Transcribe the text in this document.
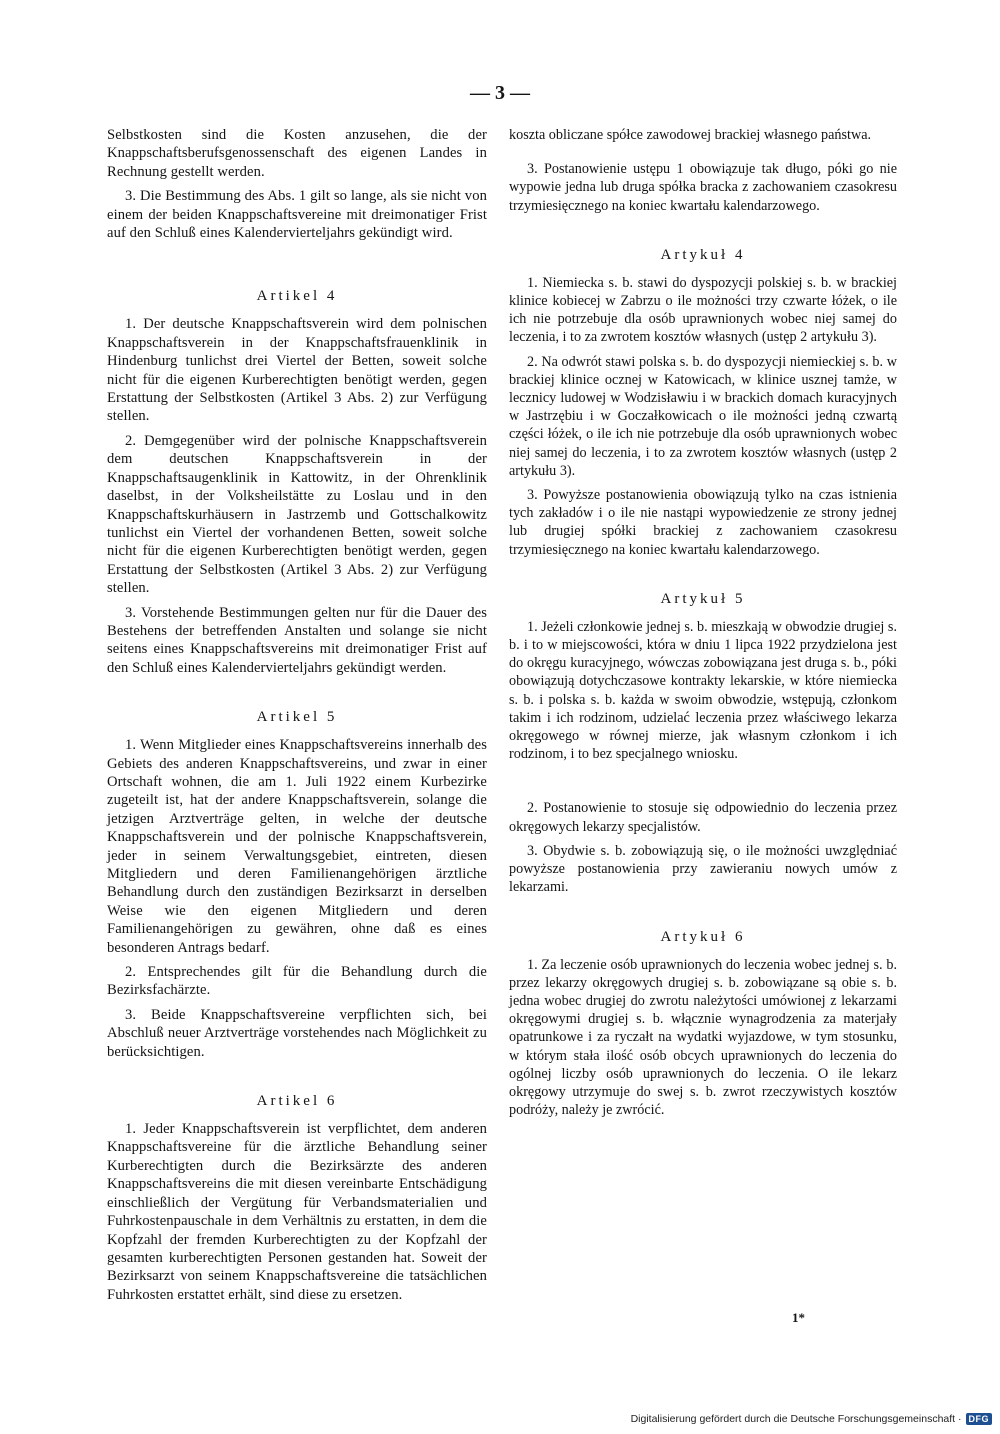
— 3 —

Selbstkosten sind die Kosten anzusehen, die der Knappschaftsberufsgenossenschaft des eigenen Landes in Rechnung gestellt werden.

3. Die Bestimmung des Abs. 1 gilt so lange, als sie nicht von einem der beiden Knappschaftsvereine mit dreimonatiger Frist auf den Schluß eines Kalendervierteljahrs gekündigt wird.

Artikel 4

1. Der deutsche Knappschaftsverein wird dem polnischen Knappschaftsverein in der Knappschaftsfrauenklinik in Hindenburg tunlichst drei Viertel der Betten, soweit solche nicht für die eigenen Kurberechtigten benötigt werden, gegen Erstattung der Selbstkosten (Artikel 3 Abs. 2) zur Verfügung stellen.

2. Demgegenüber wird der polnische Knappschaftsverein dem deutschen Knappschaftsverein in der Knappschaftsaugenklinik in Kattowitz, in der Ohrenklinik daselbst, in der Volksheilstätte zu Loslau und in den Knappschaftskurhäusern in Jastrzemb und Gottschalkowitz tunlichst ein Viertel der vorhandenen Betten, soweit solche nicht für die eigenen Kurberechtigten benötigt werden, gegen Erstattung der Selbstkosten (Artikel 3 Abs. 2) zur Verfügung stellen.

3. Vorstehende Bestimmungen gelten nur für die Dauer des Bestehens der betreffenden Anstalten und solange sie nicht seitens eines Knappschaftsvereins mit dreimonatiger Frist auf den Schluß eines Kalendervierteljahrs gekündigt werden.

Artikel 5

1. Wenn Mitglieder eines Knappschaftsvereins innerhalb des Gebiets des anderen Knappschaftsvereins, und zwar in einer Ortschaft wohnen, die am 1. Juli 1922 einem Kurbezirke zugeteilt ist, hat der andere Knappschaftsverein, solange die jetzigen Arztverträge gelten, in welche der deutsche Knappschaftsverein und der polnische Knappschaftsverein, jeder in seinem Verwaltungsgebiet, eintreten, diesen Mitgliedern und deren Familienangehörigen ärztliche Behandlung durch den zuständigen Bezirksarzt in derselben Weise wie den eigenen Mitgliedern und deren Familienangehörigen zu gewähren, ohne daß es eines besonderen Antrags bedarf.

2. Entsprechendes gilt für die Behandlung durch die Bezirksfachärzte.

3. Beide Knappschaftsvereine verpflichten sich, bei Abschluß neuer Arztverträge vorstehendes nach Möglichkeit zu berücksichtigen.

Artikel 6

1. Jeder Knappschaftsverein ist verpflichtet, dem anderen Knappschaftsvereine für die ärztliche Behandlung seiner Kurberechtigten durch die Bezirksärzte des anderen Knappschaftsvereins die mit diesen vereinbarte Entschädigung einschließlich der Vergütung für Verbandsmaterialien und Fuhrkostenpauschale in dem Verhältnis zu erstatten, in dem die Kopfzahl der fremden Kurberechtigten zu der Kopfzahl der gesamten kurberechtigten Personen gestanden hat. Soweit der Bezirksarzt von seinem Knappschaftsvereine die tatsächlichen Fuhrkosten erstattet erhält, sind diese zu ersetzen.

koszta obliczane spółce zawodowej brackiej własnego państwa.

3. Postanowienie ustępu 1 obowiązuje tak długo, póki go nie wypowie jedna lub druga spółka bracka z zachowaniem czasokresu trzymiesięcznego na koniec kwartału kalendarzowego.

Artykuł 4

1. Niemiecka s. b. stawi do dyspozycji polskiej s. b. w brackiej klinice kobiecej w Zabrzu o ile możności trzy czwarte łóżek, o ile ich nie potrzebuje dla osób uprawnionych wobec niej samej do leczenia, i to za zwrotem kosztów własnych (ustęp 2 artykułu 3).

2. Na odwrót stawi polska s. b. do dyspozycji niemieckiej s. b. w brackiej klinice ocznej w Katowicach, w klinice usznej tamże, w lecznicy ludowej w Wodzisławiu i w brackich domach kuracyjnych w Jastrzębiu i w Goczałkowicach o ile możności jedną czwartą części łóżek, o ile ich nie potrzebuje dla osób uprawnionych wobec niej samej do leczenia, i to za zwrotem kosztów własnych (ustęp 2 artykułu 3).

3. Powyższe postanowienia obowiązują tylko na czas istnienia tych zakładów i o ile nie nastąpi wypowiedzenie ze strony jednej lub drugiej spółki brackiej z zachowaniem czasokresu trzymiesięcznego na koniec kwartału kalendarzowego.

Artykuł 5

1. Jeżeli członkowie jednej s. b. mieszkają w obwodzie drugiej s. b. i to w miejscowości, która w dniu 1 lipca 1922 przydzielona jest do okręgu kuracyjnego, wówczas zobowiązana jest druga s. b., póki obowiązują dotychczasowe kontrakty lekarskie, w które niemiecka s. b. i polska s. b. każda w swoim obwodzie, wstępują, członkom takim i ich rodzinom, udzielać leczenia przez właściwego lekarza okręgowego w równej mierze, jak własnym członkom i ich rodzinom, i to bez specjalnego wniosku.

2. Postanowienie to stosuje się odpowiednio do leczenia przez okręgowych lekarzy specjalistów.

3. Obydwie s. b. zobowiązują się, o ile możności uwzględniać powyższe postanowienia przy zawieraniu nowych umów z lekarzami.

Artykuł 6

1. Za leczenie osób uprawnionych do leczenia wobec jednej s. b. przez lekarzy okręgowych drugiej s. b. zobowiązane są obie s. b. jedna wobec drugiej do zwrotu należytości umówionej z lekarzami okręgowymi drugiej s. b. włącznie wynagrodzenia za materjały opatrunkowe i za ryczałt na wydatki wyjazdowe, w tym stosunku, w którym stała ilość osób obcych uprawnionych do leczenia do ogólnej liczby osób uprawnionych do leczenia. O ile lekarz okręgowy utrzymuje do swej s. b. zwrot rzeczywistych kosztów podróży, należy je zwrócić.

1*
Digitalisierung gefördert durch die Deutsche Forschungsgemeinschaft · DFG
